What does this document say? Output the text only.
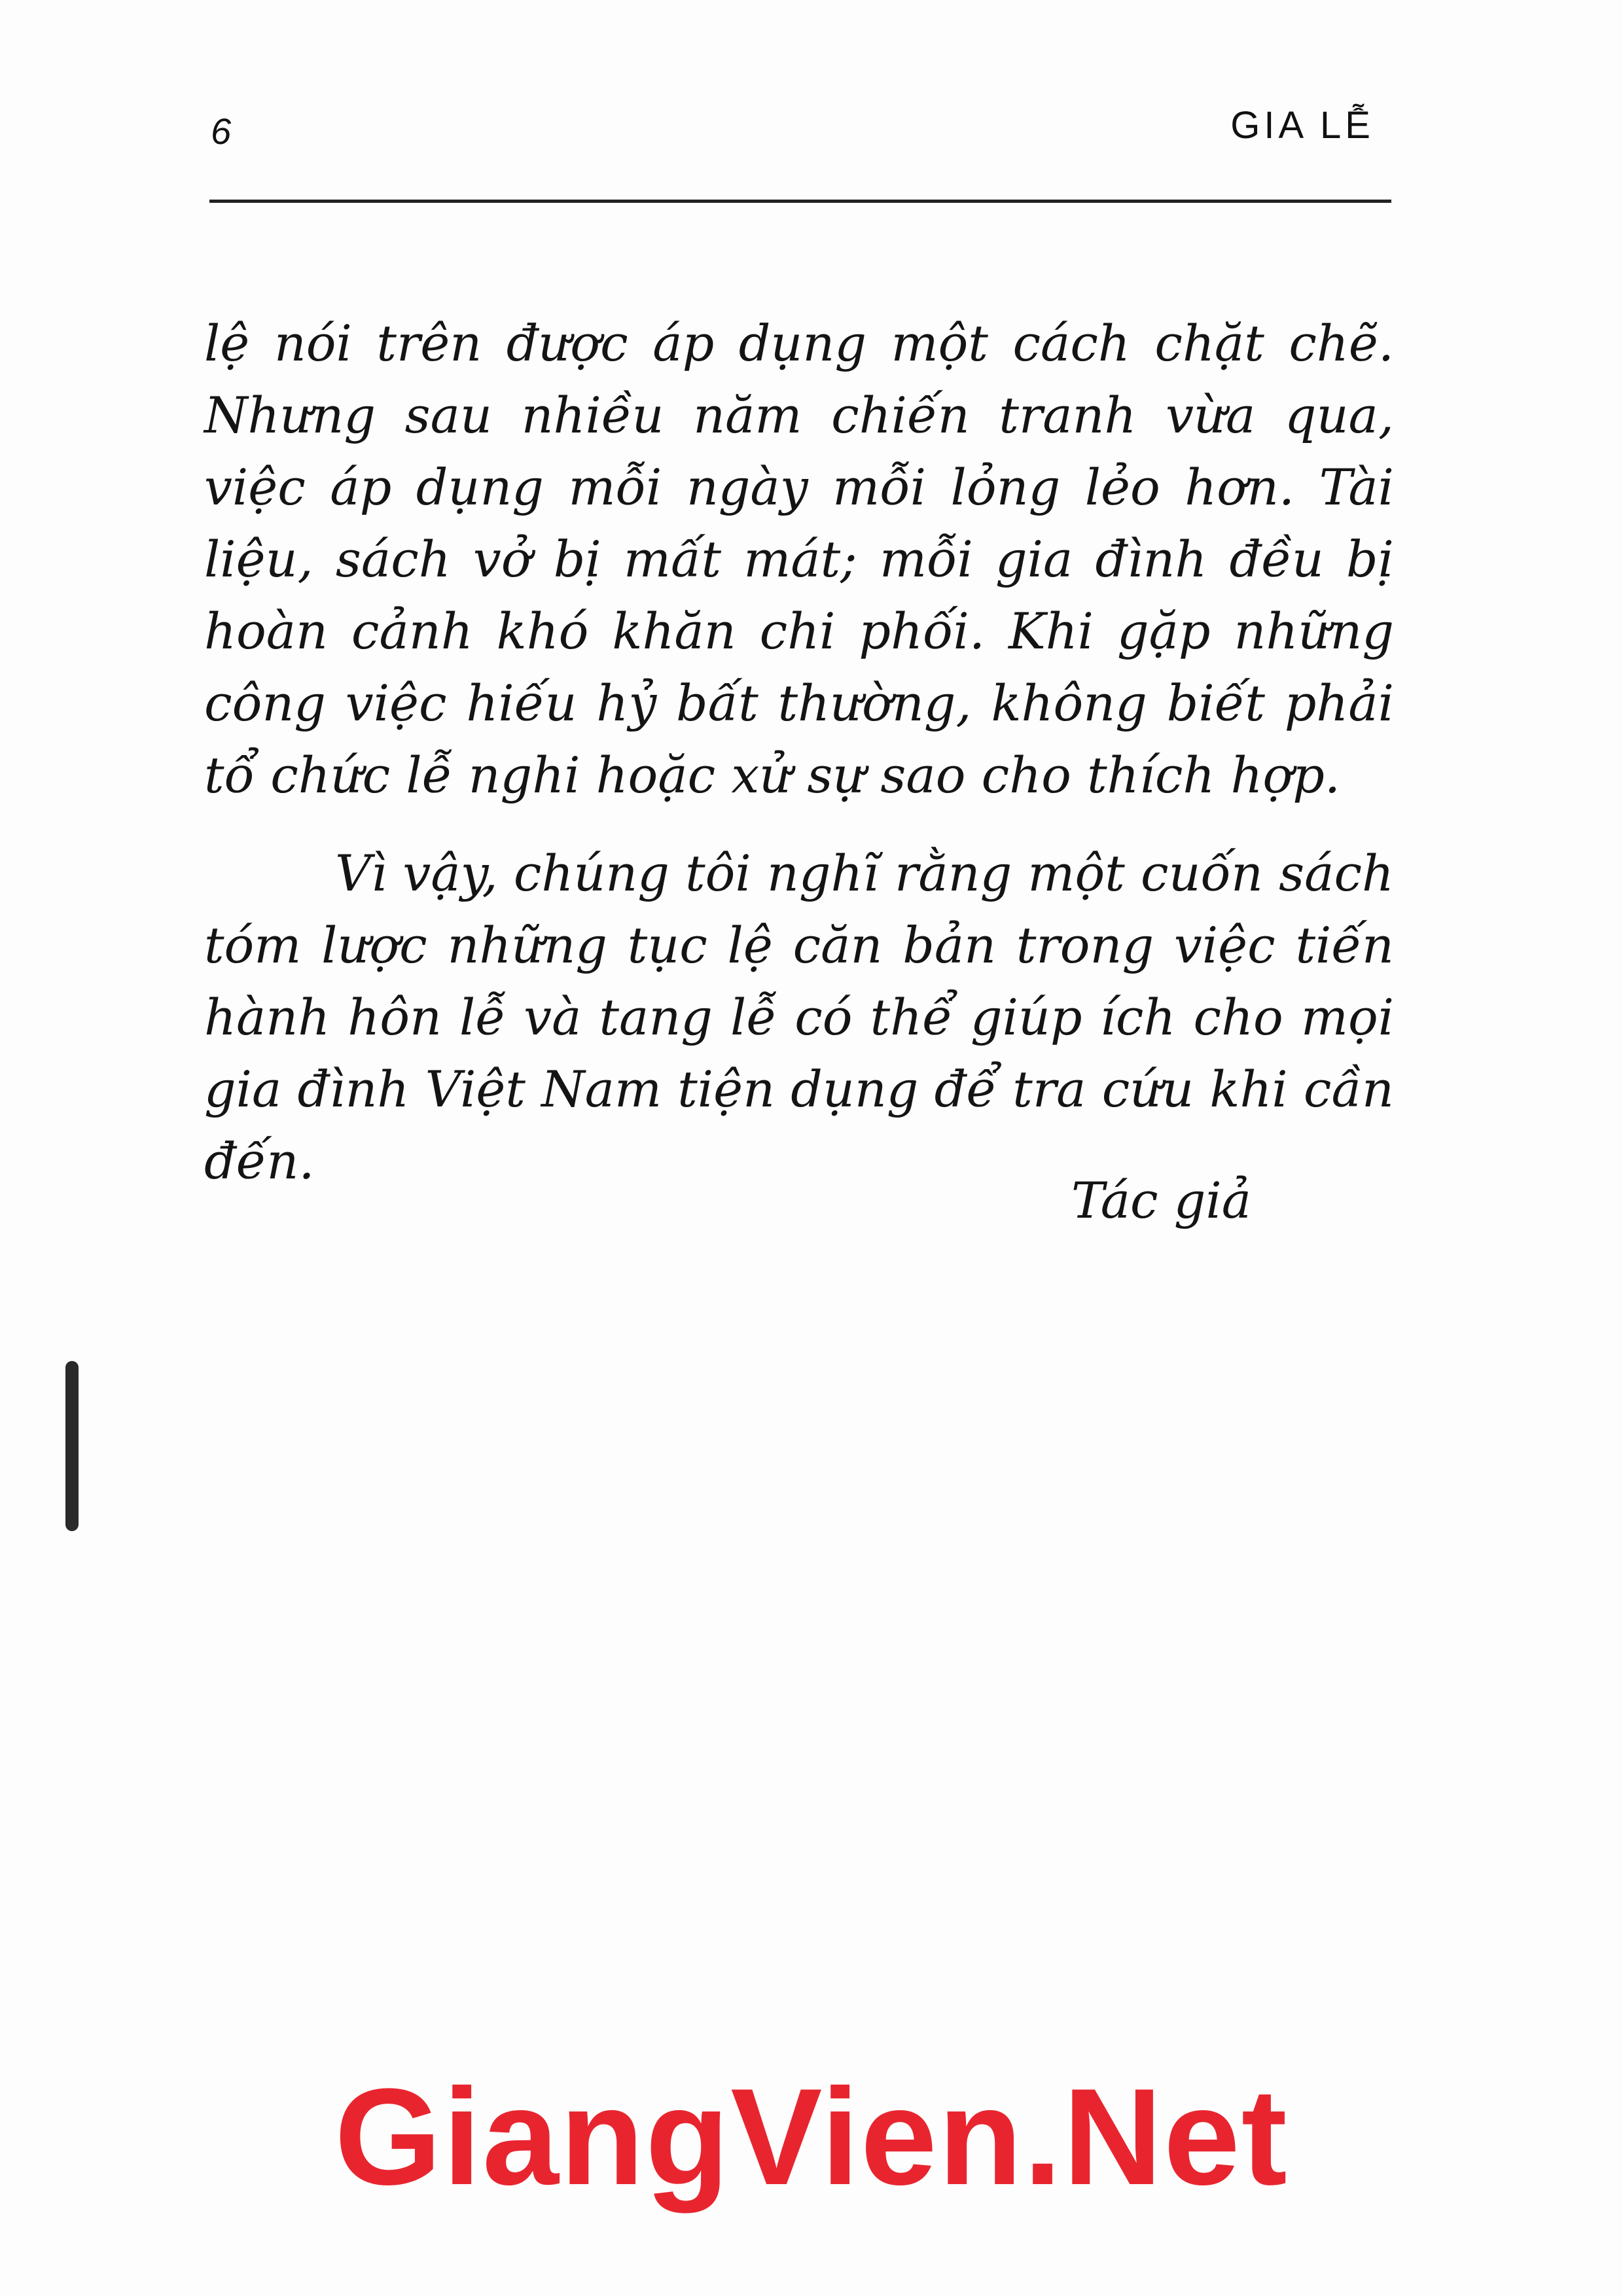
6	GIA LỄ

lệ nói trên được áp dụng một cách chặt chẽ. Nhưng sau nhiều năm chiến tranh vừa qua, việc áp dụng mỗi ngày mỗi lỏng lẻo hơn. Tài liệu, sách vở bị mất mát; mỗi gia đình đều bị hoàn cảnh khó khăn chi phối. Khi gặp những công việc hiếu hỷ bất thường, không biết phải tổ chức lễ nghi hoặc xử sự sao cho thích hợp.

Vì vậy, chúng tôi nghĩ rằng một cuốn sách tóm lược những tục lệ căn bản trong việc tiến hành hôn lễ và tang lễ có thể giúp ích cho mọi gia đình Việt Nam tiện dụng để tra cứu khi cần đến.

Tác giả
GiangVien.Net
